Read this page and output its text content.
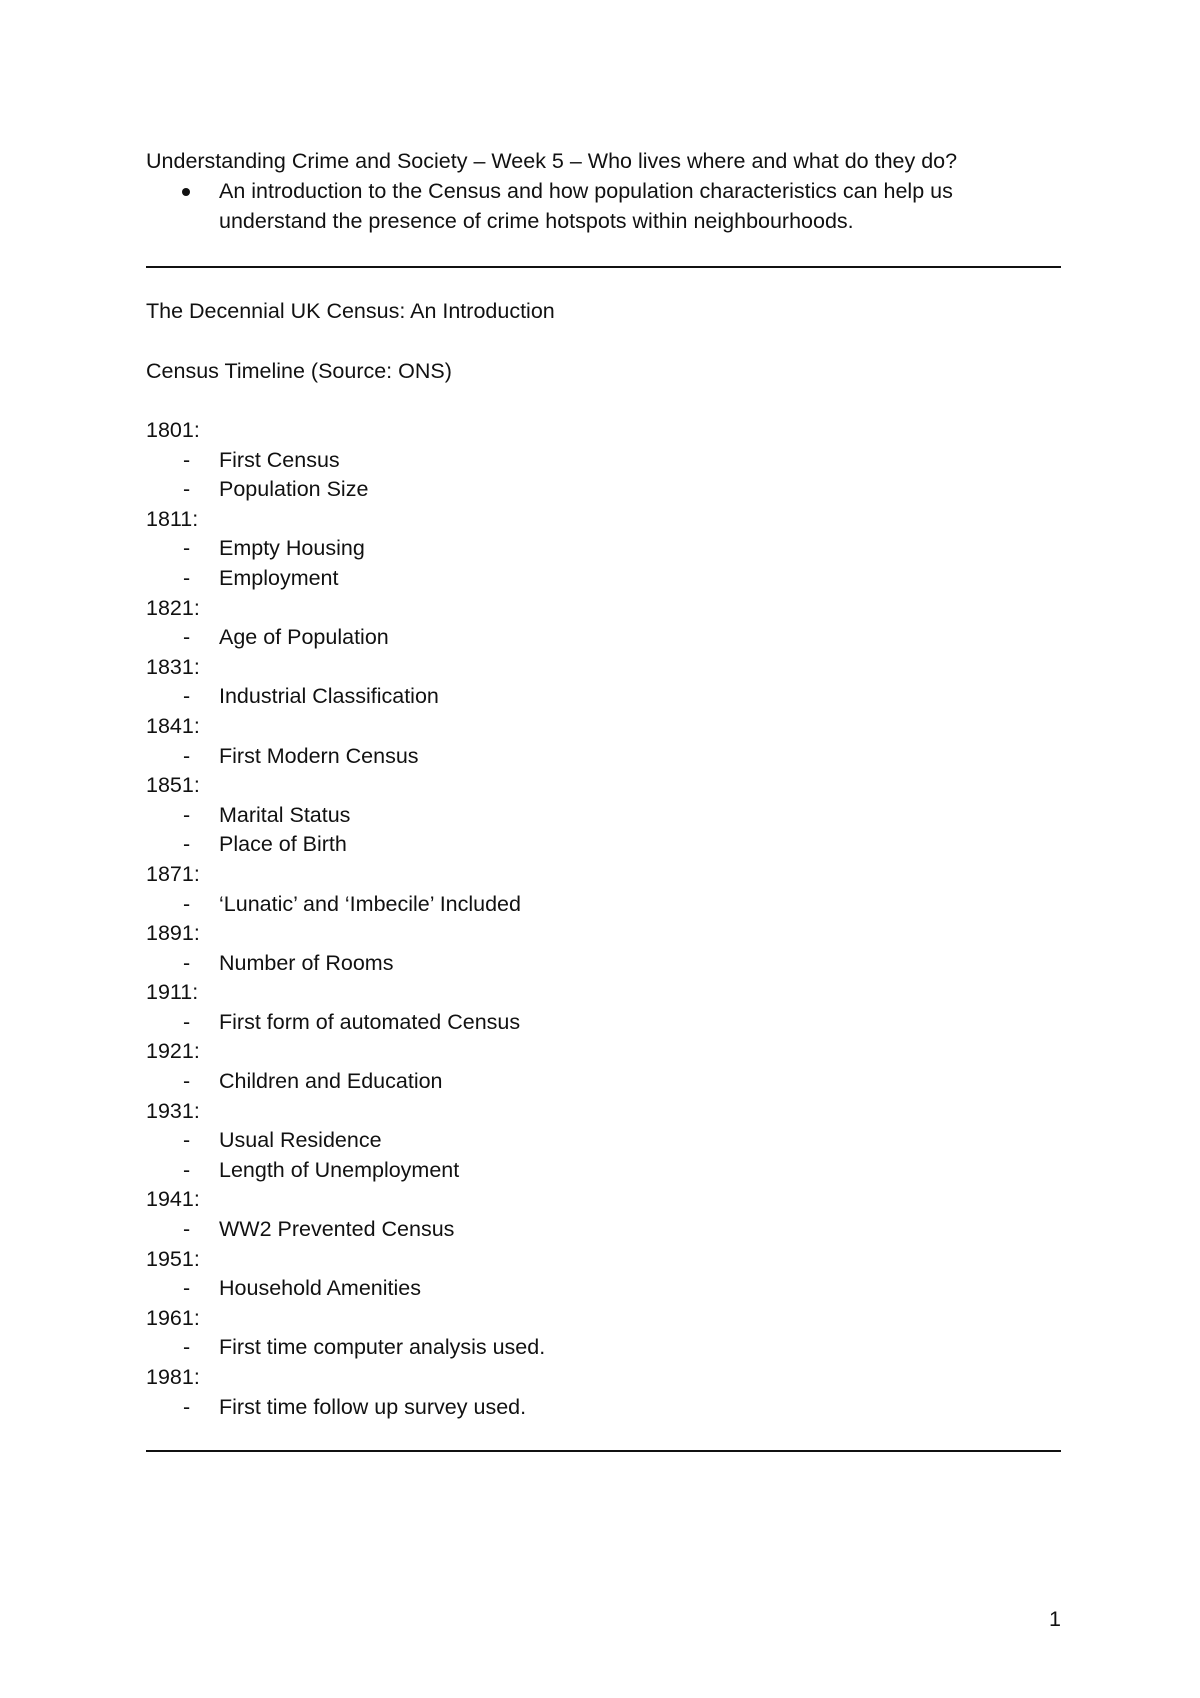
Understanding Crime and Society – Week 5 – Who lives where and what do they do?
An introduction to the Census and how population characteristics can help us understand the presence of crime hotspots within neighbourhoods.
The Decennial UK Census: An Introduction
Census Timeline (Source: ONS)
1801:
- First Census
- Population Size
1811:
- Empty Housing
- Employment
1821:
- Age of Population
1831:
- Industrial Classification
1841:
- First Modern Census
1851:
- Marital Status
- Place of Birth
1871:
- ‘Lunatic’ and ‘Imbecile’ Included
1891:
- Number of Rooms
1911:
- First form of automated Census
1921:
- Children and Education
1931:
- Usual Residence
- Length of Unemployment
1941:
- WW2 Prevented Census
1951:
- Household Amenities
1961:
- First time computer analysis used.
1981:
- First time follow up survey used.
1
